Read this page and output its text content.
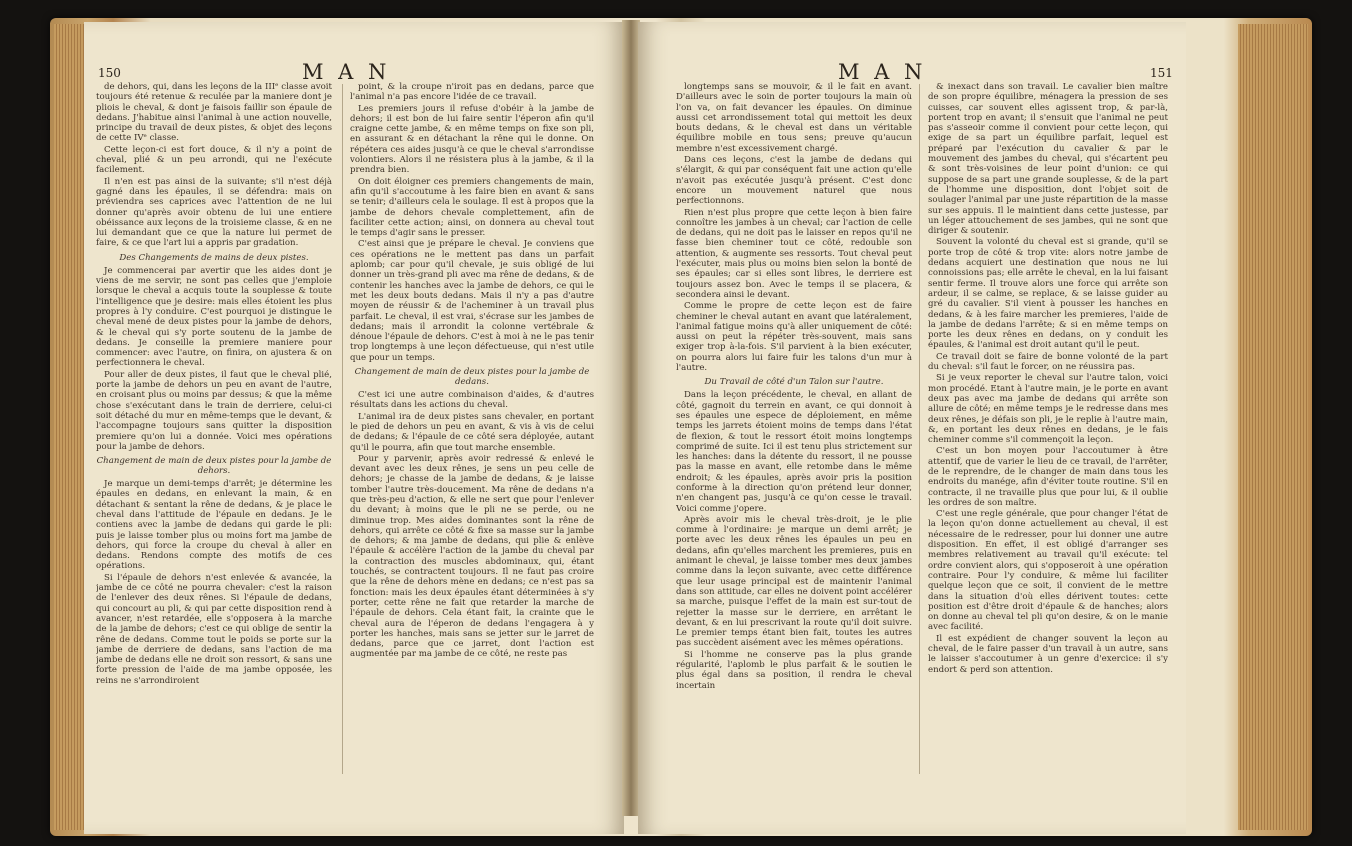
150	M A N

de dehors, qui, dans les leçons de la IIIᵉ classe avoit toujours été retenue & reculée par la maniere dont je pliois le cheval, & dont je faisois faillir son épaule de dedans. J'habitue ainsi l'animal à une action nouvelle, principe du travail de deux pistes, & objet des leçons de cette IVᵉ classe.

Cette leçon-ci est fort douce, & il n'y a point de cheval, plié & un peu arrondi, qui ne l'exécute facilement.

Il n'en est pas ainsi de la suivante; s'il n'est déjà gagné dans les épaules, il se défendra: mais on préviendra ses caprices avec l'attention de ne lui donner qu'après avoir obtenu de lui une entiere obéissance aux leçons de la troisieme classe, & en ne lui demandant que ce que la nature lui permet de faire, & ce que l'art lui a appris par gradation.

Des Changements de mains de deux pistes.

Je commencerai par avertir que les aides dont je viens de me servir, ne sont pas celles que j'emploie lorsque le cheval a acquis toute la souplesse & toute l'intelligence que je desire: mais elles étoient les plus propres à l'y conduire. C'est pourquoi je distingue le cheval mené de deux pistes pour la jambe de dehors, & le cheval qui s'y porte soutenu de la jambe de dedans. Je conseille la premiere maniere pour commencer: avec l'autre, on finira, on ajustera & on perfectionnera le cheval.

Pour aller de deux pistes, il faut que le cheval plié, porte la jambe de dehors un peu en avant de l'autre, en croisant plus ou moins par dessus; & que la même chose s'exécutant dans le train de derriere, celui-ci soit détaché du mur en même-temps que le devant, & l'accompagne toujours sans quitter la disposition premiere qu'on lui a donnée. Voici mes opérations pour la jambe de dehors.

Changement de main de deux pistes pour la jambe de dehors.

Je marque un demi-temps d'arrêt; je détermine les épaules en dedans, en enlevant la main, & en détachant & sentant la rêne de dedans, & je place le cheval dans l'attitude de l'épaule en dedans. Je le contiens avec la jambe de dedans qui garde le pli: puis je laisse tomber plus ou moins fort ma jambe de dehors, qui force la croupe du cheval à aller en dedans. Rendons compte des motifs de ces opérations.

Si l'épaule de dehors n'est enlevée & avancée, la jambe de ce côté ne pourra chevaler: c'est la raison de l'enlever des deux rênes. Si l'épaule de dedans, qui concourt au pli, & qui par cette disposition rend à avancer, n'est retardée, elle s'opposera à la marche de la jambe de dehors; c'est ce qui oblige de sentir la rêne de dedans. Comme tout le poids se porte sur la jambe de derriere de dedans, sans l'action de ma jambe de dedans elle ne droit son ressort, & sans une forte pression de l'aide de ma jambe opposée, les reins ne s'arrondiroient

point, & la croupe n'iroit pas en dedans, parce que l'animal n'a pas encore l'idée de ce travail.

Les premiers jours il refuse d'obéir à la jambe de dehors; il est bon de lui faire sentir l'éperon afin qu'il craigne cette jambe, & en même temps on fixe son pli, en assurant & en détachant la rêne qui le donne. On répétera ces aides jusqu'à ce que le cheval s'arrondisse volontiers. Alors il ne résistera plus à la jambe, & il la prendra bien.

On doit éloigner ces premiers changements de main, afin qu'il s'accoutume à les faire bien en avant & sans se tenir; d'ailleurs cela le soulage. Il est à propos que la jambe de dehors chevale complettement, afin de faciliter cette action; ainsi, on donnera au cheval tout le temps d'agir sans le presser.

C'est ainsi que je prépare le cheval. Je conviens que ces opérations ne le mettent pas dans un parfait aplomb; car pour qu'il chevale, je suis obligé de lui donner un très-grand pli avec ma rêne de dedans, & de contenir les hanches avec la jambe de dehors, ce qui le met les deux bouts dedans. Mais il n'y a pas d'autre moyen de réussir & de l'acheminer à un travail plus parfait. Le cheval, il est vrai, s'écrase sur les jambes de dedans; mais il arrondit la colonne vertébrale & dénoue l'épaule de dehors. C'est à moi à ne le pas tenir trop longtemps à une leçon défectueuse, qui n'est utile que pour un temps.

Changement de main de deux pistes pour la jambe de dedans.

C'est ici une autre combinaison d'aides, & d'autres résultats dans les actions du cheval.

L'animal ira de deux pistes sans chevaler, en portant le pied de dehors un peu en avant, & vis à vis de celui de dedans; & l'épaule de ce côté sera déployée, autant qu'il le pourra, afin que tout marche ensemble.

Pour y parvenir, après avoir redressé & enlevé le devant avec les deux rênes, je sens un peu celle de dehors; je chasse de la jambe de dedans, & je laisse tomber l'autre très-doucement. Ma rêne de dedans n'a que très-peu d'action, & elle ne sert que pour l'enlever du devant; à moins que le pli ne se perde, ou ne diminue trop. Mes aides dominantes sont la rêne de dehors, qui arrête ce côté & fixe sa masse sur la jambe de dehors; & ma jambe de dedans, qui plie & enlève l'épaule & accélère l'action de la jambe du cheval par la contraction des muscles abdominaux, qui, étant touchés, se contractent toujours. Il ne faut pas croire que la rêne de dehors mène en dedans; ce n'est pas sa fonction: mais les deux épaules étant déterminées à s'y porter, cette rêne ne fait que retarder la marche de l'épaule de dehors. Cela étant fait, la crainte que le cheval aura de l'éperon de dedans l'engagera à y porter les hanches, mais sans se jetter sur le jarret de dedans, parce que ce jarret, dont l'action est augmentée par ma jambe de ce côté, ne reste pas

M A N	151

longtemps sans se mouvoir, & il le fait en avant. D'ailleurs avec le soin de porter toujours la main où l'on va, on fait devancer les épaules. On diminue aussi cet arrondissement total qui mettoit les deux bouts dedans, & le cheval est dans un véritable équilibre mobile en tous sens; preuve qu'aucun membre n'est excessivement chargé.

Dans ces leçons, c'est la jambe de dedans qui s'élargit, & qui par conséquent fait une action qu'elle n'avoit pas exécutée jusqu'à présent. C'est donc encore un mouvement naturel que nous perfectionnons.

Rien n'est plus propre que cette leçon à bien faire connoître les jambes à un cheval; car l'action de celle de dedans, qui ne doit pas le laisser en repos qu'il ne fasse bien cheminer tout ce côté, redouble son attention, & augmente ses ressorts. Tout cheval peut l'exécuter, mais plus ou moins bien selon la bonté de ses épaules; car si elles sont libres, le derriere est toujours assez bon. Avec le temps il se placera, & secondera ainsi le devant.

Comme le propre de cette leçon est de faire cheminer le cheval autant en avant que latéralement, l'animal fatigue moins qu'à aller uniquement de côté: aussi on peut la répéter très-souvent, mais sans exiger trop à-la-fois. S'il parvient à la bien exécuter, on pourra alors lui faire fuir les talons d'un mur à l'autre.

Du Travail de côté d'un Talon sur l'autre.

Dans la leçon précédente, le cheval, en allant de côté, gagnoit du terrein en avant, ce qui donnoit à ses épaules une espece de déploiement, en même temps les jarrets étoient moins de temps dans l'état de flexion, & tout le ressort étoit moins longtemps comprimé de suite. Ici il est tenu plus strictement sur les hanches: dans la détente du ressort, il ne pousse pas la masse en avant, elle retombe dans le même endroit; & les épaules, après avoir pris la position conforme à la direction qu'on prétend leur donner, n'en changent pas, jusqu'à ce qu'on cesse le travail. Voici comme j'opere.

Après avoir mis le cheval très-droit, je le plie comme à l'ordinaire: je marque un demi arrêt; je porte avec les deux rênes les épaules un peu en dedans, afin qu'elles marchent les premieres, puis en animant le cheval, je laisse tomber mes deux jambes comme dans la leçon suivante, avec cette différence que leur usage principal est de maintenir l'animal dans son attitude, car elles ne doivent point accélérer sa marche, puisque l'effet de la main est sur-tout de rejetter la masse sur le derriere, en arrêtant le devant, & en lui prescrivant la route qu'il doit suivre. Le premier temps étant bien fait, toutes les autres pas succèdent aisément avec les mêmes opérations.

Si l'homme ne conserve pas la plus grande régularité, l'aplomb le plus parfait & le soutien le plus égal dans sa position, il rendra le cheval incertain

& inexact dans son travail. Le cavalier bien maître de son propre équilibre, ménagera la pression de ses cuisses, car souvent elles agissent trop, & par-là, portent trop en avant; il s'ensuit que l'animal ne peut pas s'asseoir comme il convient pour cette leçon, qui exige de sa part un équilibre parfait, lequel est préparé par l'exécution du cavalier & par le mouvement des jambes du cheval, qui s'écartent peu & sont très-voisines de leur point d'union: ce qui suppose de sa part une grande souplesse, & de la part de l'homme une disposition, dont l'objet soit de soulager l'animal par une juste répartition de la masse sur ses appuis. Il le maintient dans cette justesse, par un léger attouchement de ses jambes, qui ne sont que diriger & soutenir.

Souvent la volonté du cheval est si grande, qu'il se porte trop de côté & trop vite: alors notre jambe de dedans acquiert une destination que nous ne lui connoissions pas; elle arrête le cheval, en la lui faisant sentir ferme. Il trouve alors une force qui arrête son ardeur, il se calme, se replace, & se laisse guider au gré du cavalier. S'il vient à pousser les hanches en dedans, & à les faire marcher les premieres, l'aide de la jambe de dedans l'arrête; & si en même temps on porte les deux rênes en dedans, on y conduit les épaules, & l'animal est droit autant qu'il le peut.

Ce travail doit se faire de bonne volonté de la part du cheval: s'il faut le forcer, on ne réussira pas.

Si je veux reporter le cheval sur l'autre talon, voici mon procédé. Etant à l'autre main, je le porte en avant deux pas avec ma jambe de dedans qui arrête son allure de côté; en même temps je le redresse dans mes deux rênes, je défais son pli, je le replie à l'autre main, &, en portant les deux rênes en dedans, je le fais cheminer comme s'il commençoit la leçon.

C'est un bon moyen pour l'accoutumer à être attentif, que de varier le lieu de ce travail, de l'arrêter, de le reprendre, de le changer de main dans tous les endroits du manége, afin d'éviter toute routine. S'il en contracte, il ne travaille plus que pour lui, & il oublie les ordres de son maître.

C'est une regle générale, que pour changer l'état de la leçon qu'on donne actuellement au cheval, il est nécessaire de le redresser, pour lui donner une autre disposition. En effet, il est obligé d'arranger ses membres relativement au travail qu'il exécute: tel ordre convient alors, qui s'opposeroit à une opération contraire. Pour l'y conduire, & même lui faciliter quelque leçon que ce soit, il convient de le mettre dans la situation d'où elles dérivent toutes: cette position est d'être droit d'épaule & de hanches; alors on donne au cheval tel pli qu'on desire, & on le manie avec facilité.

Il est expédient de changer souvent la leçon au cheval, de le faire passer d'un travail à un autre, sans le laisser s'accoutumer à un genre d'exercice: il s'y endort & perd son attention.
